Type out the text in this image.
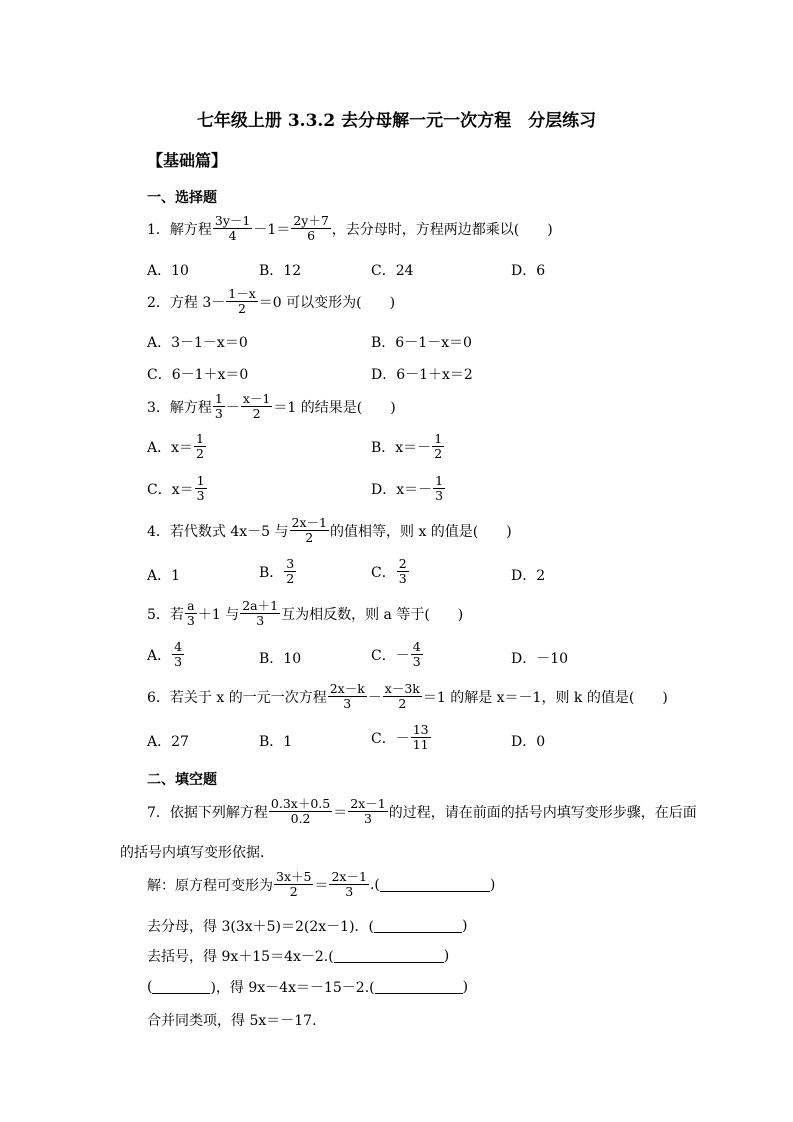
七年级上册 3.3.2 去分母解一元一次方程　分层练习
【基础篇】
一、选择题
1．解方程 $\frac{3y-1}{4} -1= \frac{2y+7}{6}$ ，去分母时，方程两边都乘以(　　)
A．10	B．12	C．24	D．6
2．方程 $3- \frac{1-x}{2} =0$ 可以变形为(　　)
A．3－1－x＝0	B．6－1－x＝0
C．6－1＋x＝0	D．6－1＋x＝2
3．解方程 $\frac{1}{3} - \frac{x-1}{2} =1$ 的结果是(　　)
A．$x= \frac{1}{2}$	B．$x=- \frac{1}{2}$
C．$x= \frac{1}{3}$	D．$x=- \frac{1}{3}$
4．若代数式 4x－5 与 $\frac{2x-1}{2}$ 的值相等，则 x 的值是(　　)
A．1	B． $\frac{3}{2}$	C． $\frac{2}{3}$	D．2
5．若 $\frac{a}{3} +1$ 与 $\frac{2a+1}{3}$ 互为相反数，则 a 等于(　　)
A． $\frac{4}{3}$	B．10	C．－ $\frac{4}{3}$	D．－10
6．若关于 x 的一元一次方程 $\frac{2x-k}{3} - \frac{x-3k}{2} =1$ 的解是 x＝－1，则 k 的值是(　　)
A．27	B．1	C．－ $\frac{13}{11}$	D．0
二、填空题
7．依据下列解方程 $\frac{0.3x+0.5}{0.2} = \frac{2x-1}{3}$ 的过程，请在前面的括号内填写变形步骤，在后面
的括号内填写变形依据．
解：原方程可变形为 $\frac{3x+5}{2} = \frac{2x-1}{3}$ .(	)
去分母，得 3(3x＋5)＝2(2x－1)．(	)
去括号，得 9x＋15＝4x－2.(	)
(	)，得 9x－4x＝－15－2.(	)
合并同类项，得 5x＝－17.
